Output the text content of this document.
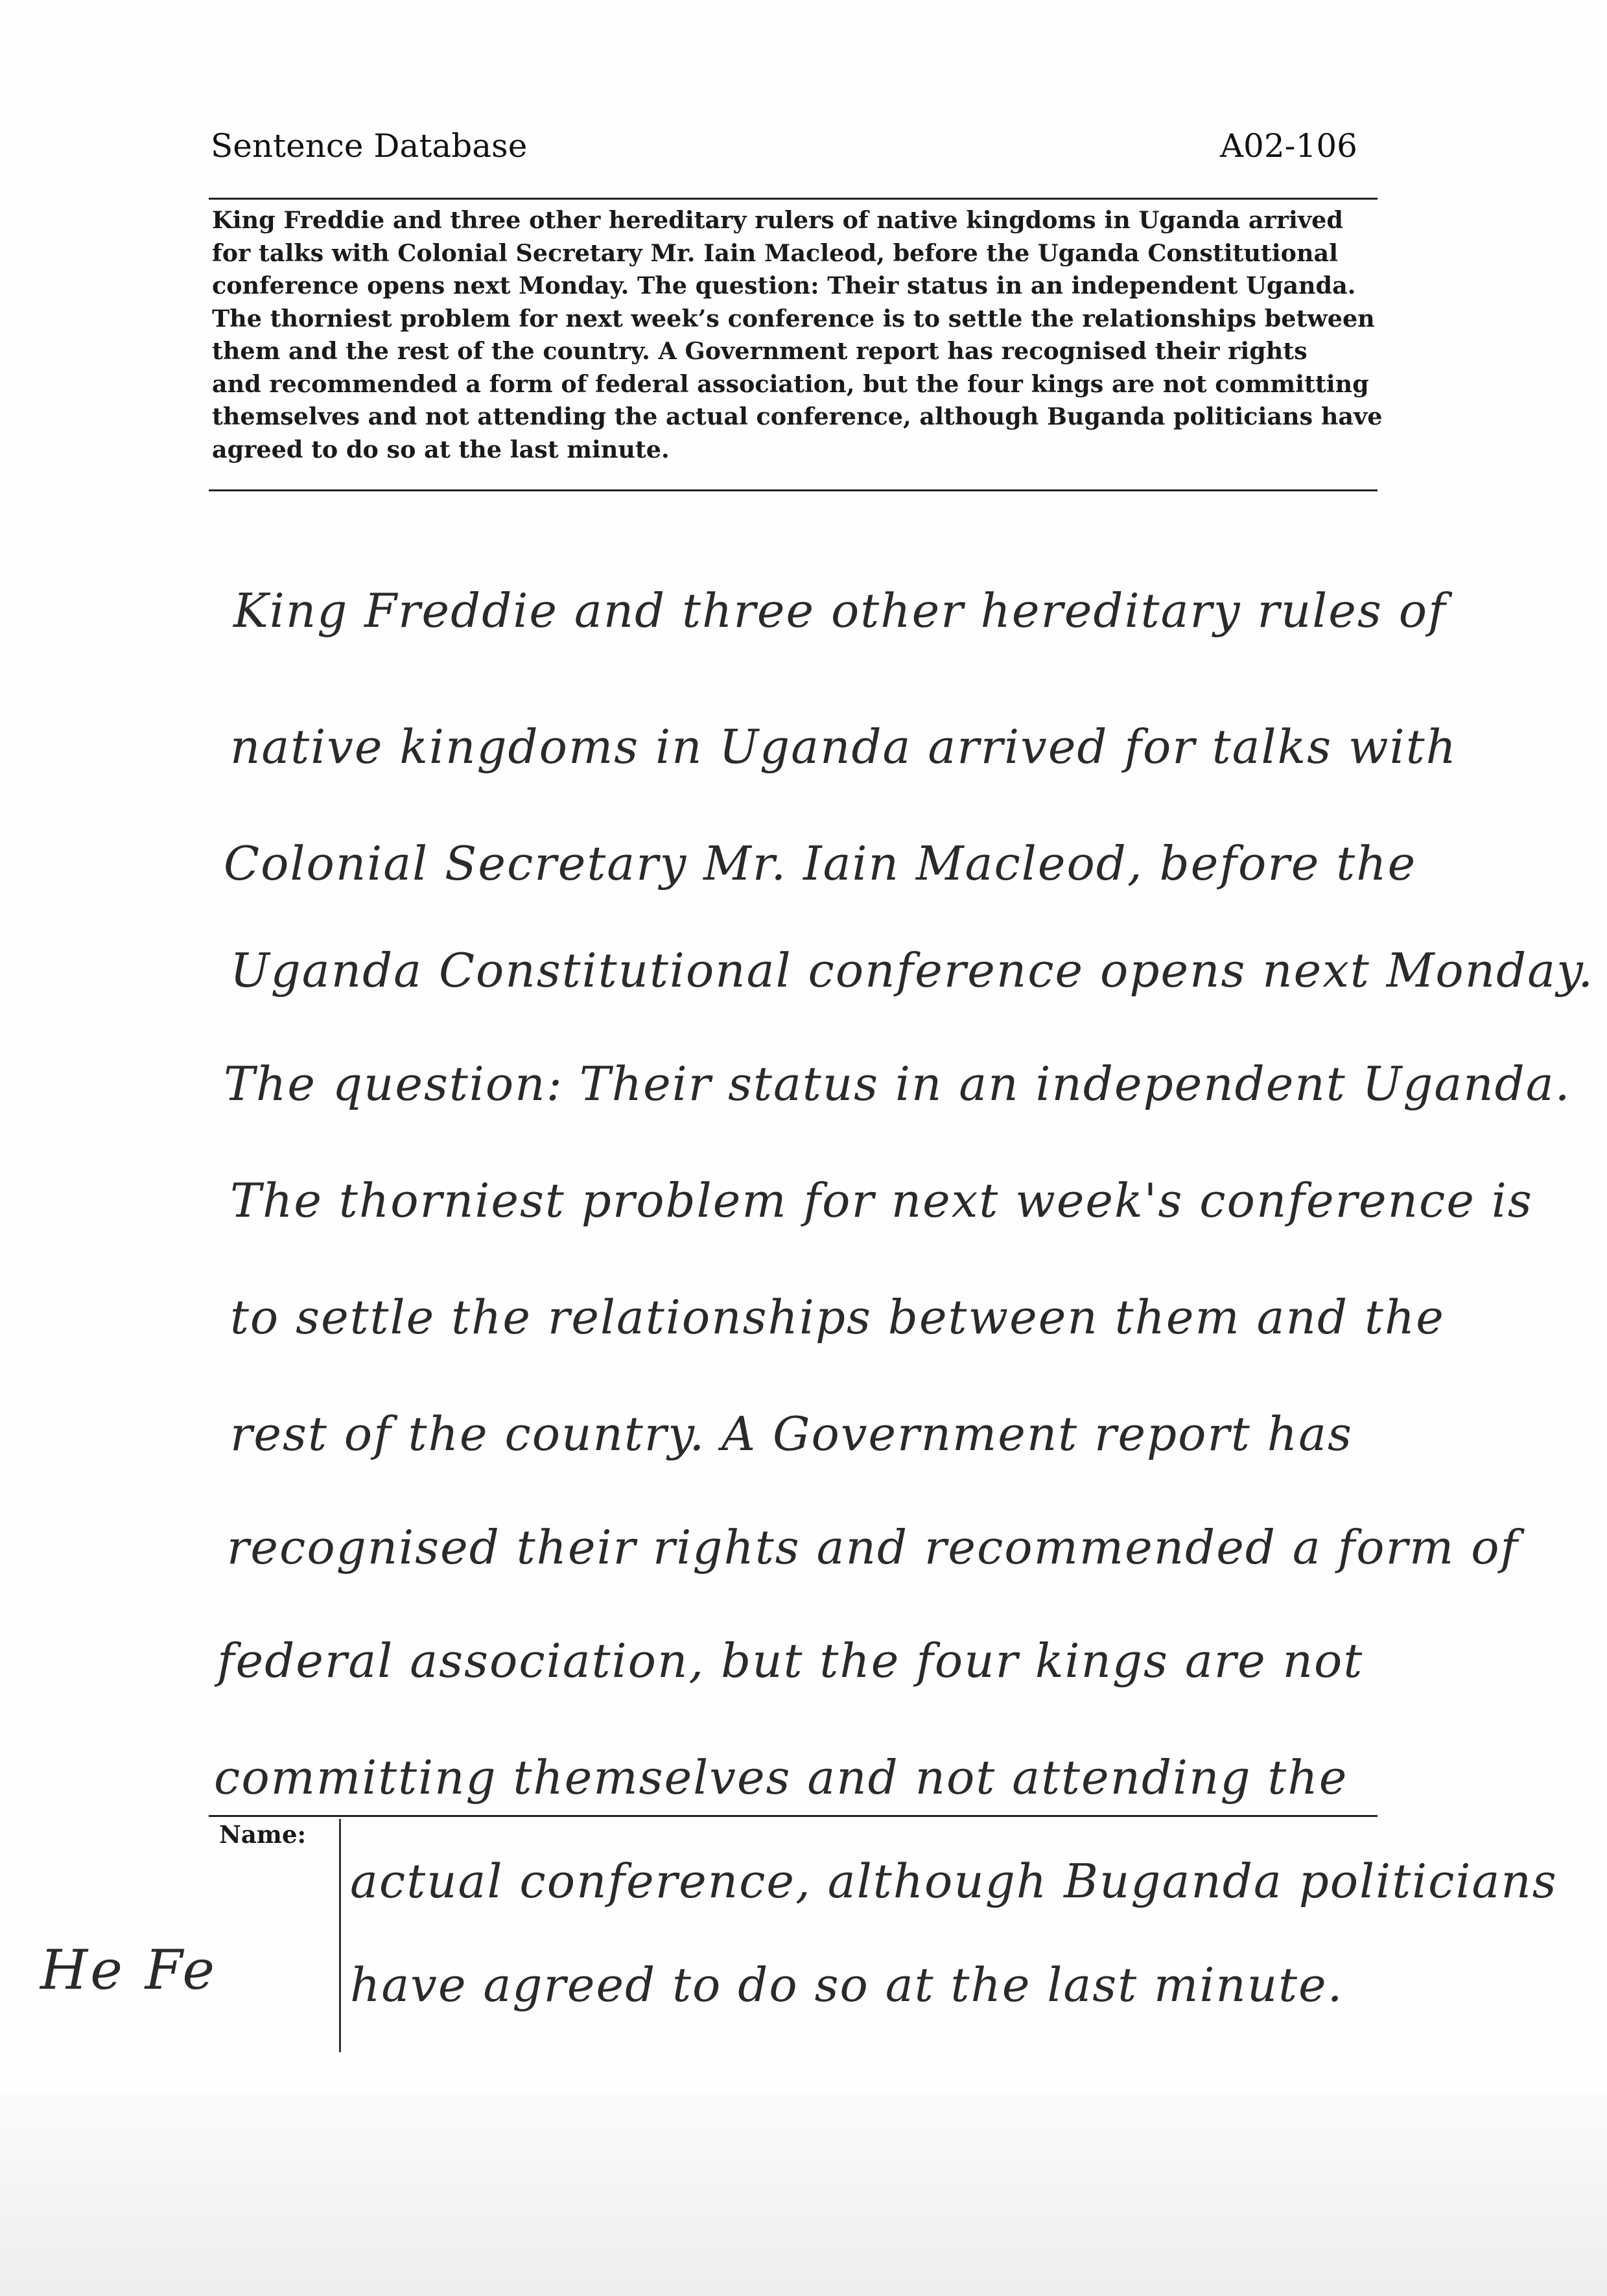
Sentence Database	A02-106
King Freddie and three other hereditary rulers of native kingdoms in Uganda arrived
for talks with Colonial Secretary Mr. Iain Macleod, before the Uganda Constitutional
conference opens next Monday. The question: Their status in an independent Uganda.
The thorniest problem for next week’s conference is to settle the relationships between
them and the rest of the country. A Government report has recognised their rights
and recommended a form of federal association, but the four kings are not committing
themselves and not attending the actual conference, although Buganda politicians have
agreed to do so at the last minute.
King Freddie and three other hereditary rules of
native kingdoms in Uganda arrived for talks with
Colonial Secretary Mr. Iain Macleod, before the
Uganda Constitutional conference opens next Monday.
The question: Their status in an independent Uganda.
The thorniest problem for next week's conference is
to settle the relationships between them and the
rest of the country. A Government report has
recognised their rights and recommended a form of
federal association, but the four kings are not
committing themselves and not attending the
Name:
actual conference, although Buganda politicians
have agreed to do so at the last minute.
He Fe
